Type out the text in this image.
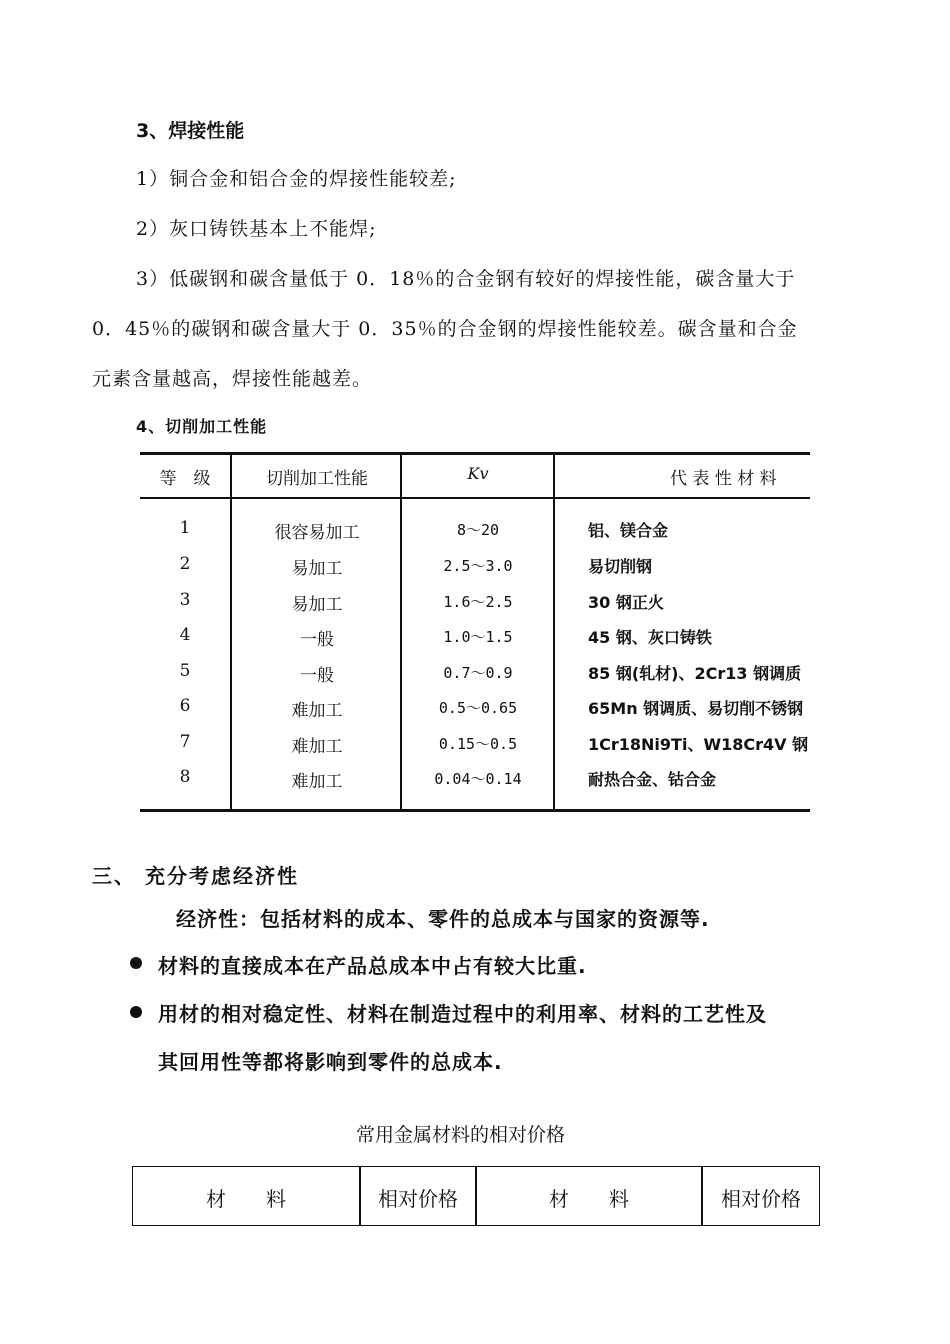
3、焊接性能
1）铜合金和铝合金的焊接性能较差;
2）灰口铸铁基本上不能焊;
3）低碳钢和碳含量低于 0．18％的合金钢有较好的焊接性能，碳含量大于
0．45％的碳钢和碳含量大于 0．35％的合金钢的焊接性能较差。碳含量和合金
元素含量越高，焊接性能越差。
4、切削加工性能
等　级	切削加工性能	Kv	代 表 性 材 料
1	很容易加工	8～20	铝、镁合金
2	易加工	2.5～3.0	易切削钢
3	易加工	1.6～2.5	30 钢正火
4	一般	1.0～1.5	45 钢、灰口铸铁
5	一般	0.7～0.9	85 钢(轧材)、2Cr13 钢调质
6	难加工	0.5～0.65	65Mn 钢调质、易切削不锈钢
7	难加工	0.15～0.5	1Cr18Ni9Ti、W18Cr4V 钢
8	难加工	0.04～0.14	耐热合金、钴合金
三、 充分考虑经济性
经济性：包括材料的成本、零件的总成本与国家的资源等.
材料的直接成本在产品总成本中占有较大比重.
用材的相对稳定性、材料在制造过程中的利用率、材料的工艺性及
其回用性等都将影响到零件的总成本.
常用金属材料的相对价格
材　　料	相对价格	材　　料	相对价格
